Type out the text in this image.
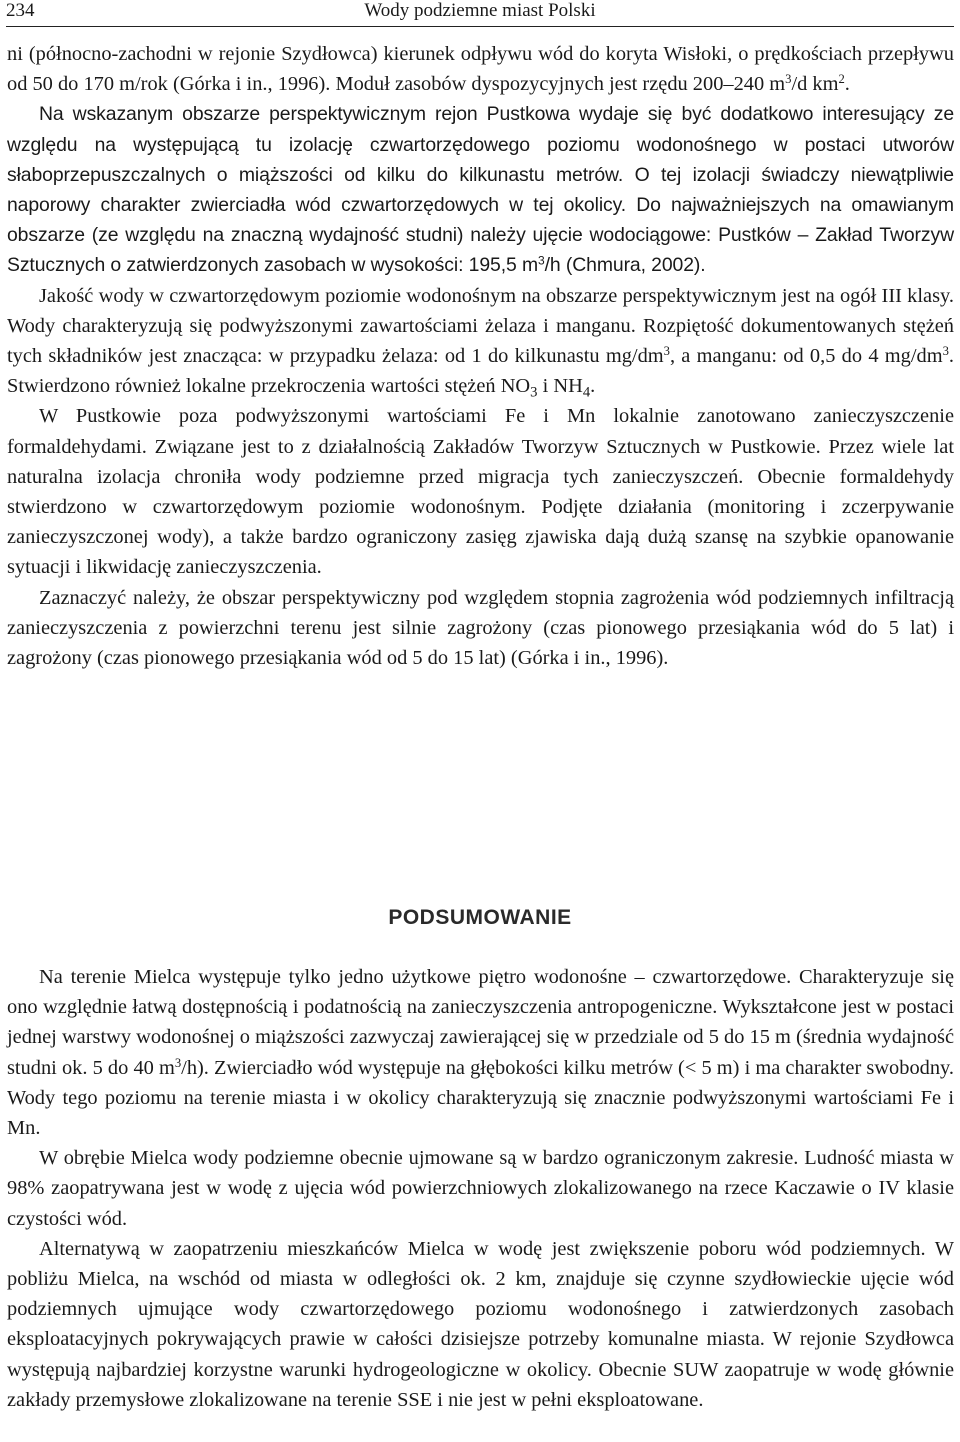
234	Wody podziemne miast Polski

ni (północno-zachodni w rejonie Szydłowca) kierunek odpływu wód do koryta Wisłoki, o prędkościach przepływu od 50 do 170 m/rok (Górka i in., 1996). Moduł zasobów dyspozycyjnych jest rzędu 200–240 $m^3/d$ $km^2$.

Na wskazanym obszarze perspektywicznym rejon Pustkowa wydaje się być dodatkowo interesujący ze względu na występującą tu izolację czwartorzędowego poziomu wodonośnego w postaci utworów słaboprzepuszczalnych o miąższości od kilku do kilkunastu metrów. O tej izolacji świadczy niewątpliwie naporowy charakter zwierciadła wód czwartorzędowych w tej okolicy. Do najważniejszych na omawianym obszarze (ze względu na znaczną wydajność studni) należy ujęcie wodociągowe: Pustków – Zakład Tworzyw Sztucznych o zatwierdzonych zasobach w wysokości: 195,5 $m^3/h$ (Chmura, 2002).

Jakość wody w czwartorzędowym poziomie wodonośnym na obszarze perspektywicznym jest na ogół III klasy. Wody charakteryzują się podwyższonymi zawartościami żelaza i manganu. Rozpiętość dokumentowanych stężeń tych składników jest znacząca: w przypadku żelaza: od 1 do kilkunastu $mg/dm^3$, a manganu: od 0,5 do 4 $mg/dm^3$. Stwierdzono również lokalne przekroczenia wartości stężeń $NO_3$ i $NH_4$.

W Pustkowie poza podwyższonymi wartościami Fe i Mn lokalnie zanotowano zanieczyszczenie formaldehydami. Związane jest to z działalnością Zakładów Tworzyw Sztucznych w Pustkowie. Przez wiele lat naturalna izolacja chroniła wody podziemne przed migracja tych zanieczyszczeń. Obecnie formaldehydy stwierdzono w czwartorzędowym poziomie wodonośnym. Podjęte działania (monitoring i zczerpywanie zanieczyszczonej wody), a także bardzo ograniczony zasięg zjawiska dają dużą szansę na szybkie opanowanie sytuacji i likwidację zanieczyszczenia.

Zaznaczyć należy, że obszar perspektywiczny pod względem stopnia zagrożenia wód podziemnych infiltracją zanieczyszczenia z powierzchni terenu jest silnie zagrożony (czas pionowego przesiąkania wód do 5 lat) i zagrożony (czas pionowego przesiąkania wód od 5 do 15 lat) (Górka i in., 1996).

PODSUMOWANIE

Na terenie Mielca występuje tylko jedno użytkowe piętro wodonośne – czwartorzędowe. Charakteryzuje się ono względnie łatwą dostępnością i podatnością na zanieczyszczenia antropogeniczne. Wykształcone jest w postaci jednej warstwy wodonośnej o miąższości zazwyczaj zawierającej się w przedziale od 5 do 15 m (średnia wydajność studni ok. 5 do 40 $m^3/h$). Zwierciadło wód występuje na głębokości kilku metrów (< 5 m) i ma charakter swobodny. Wody tego poziomu na terenie miasta i w okolicy charakteryzują się znacznie podwyższonymi wartościami Fe i Mn.

W obrębie Mielca wody podziemne obecnie ujmowane są w bardzo ograniczonym zakresie. Ludność miasta w 98% zaopatrywana jest w wodę z ujęcia wód powierzchniowych zlokalizowanego na rzece Kaczawie o IV klasie czystości wód.

Alternatywą w zaopatrzeniu mieszkańców Mielca w wodę jest zwiększenie poboru wód podziemnych. W pobliżu Mielca, na wschód od miasta w odległości ok. 2 km, znajduje się czynne szydłowieckie ujęcie wód podziemnych ujmujące wody czwartorzędowego poziomu wodonośnego i zatwierdzonych zasobach eksploatacyjnych pokrywających prawie w całości dzisiejsze potrzeby komunalne miasta. W rejonie Szydłowca występują najbardziej korzystne warunki hydrogeologiczne w okolicy. Obecnie SUW zaopatruje w wodę głównie zakłady przemysłowe zlokalizowane na terenie SSE i nie jest w pełni eksploatowane.
